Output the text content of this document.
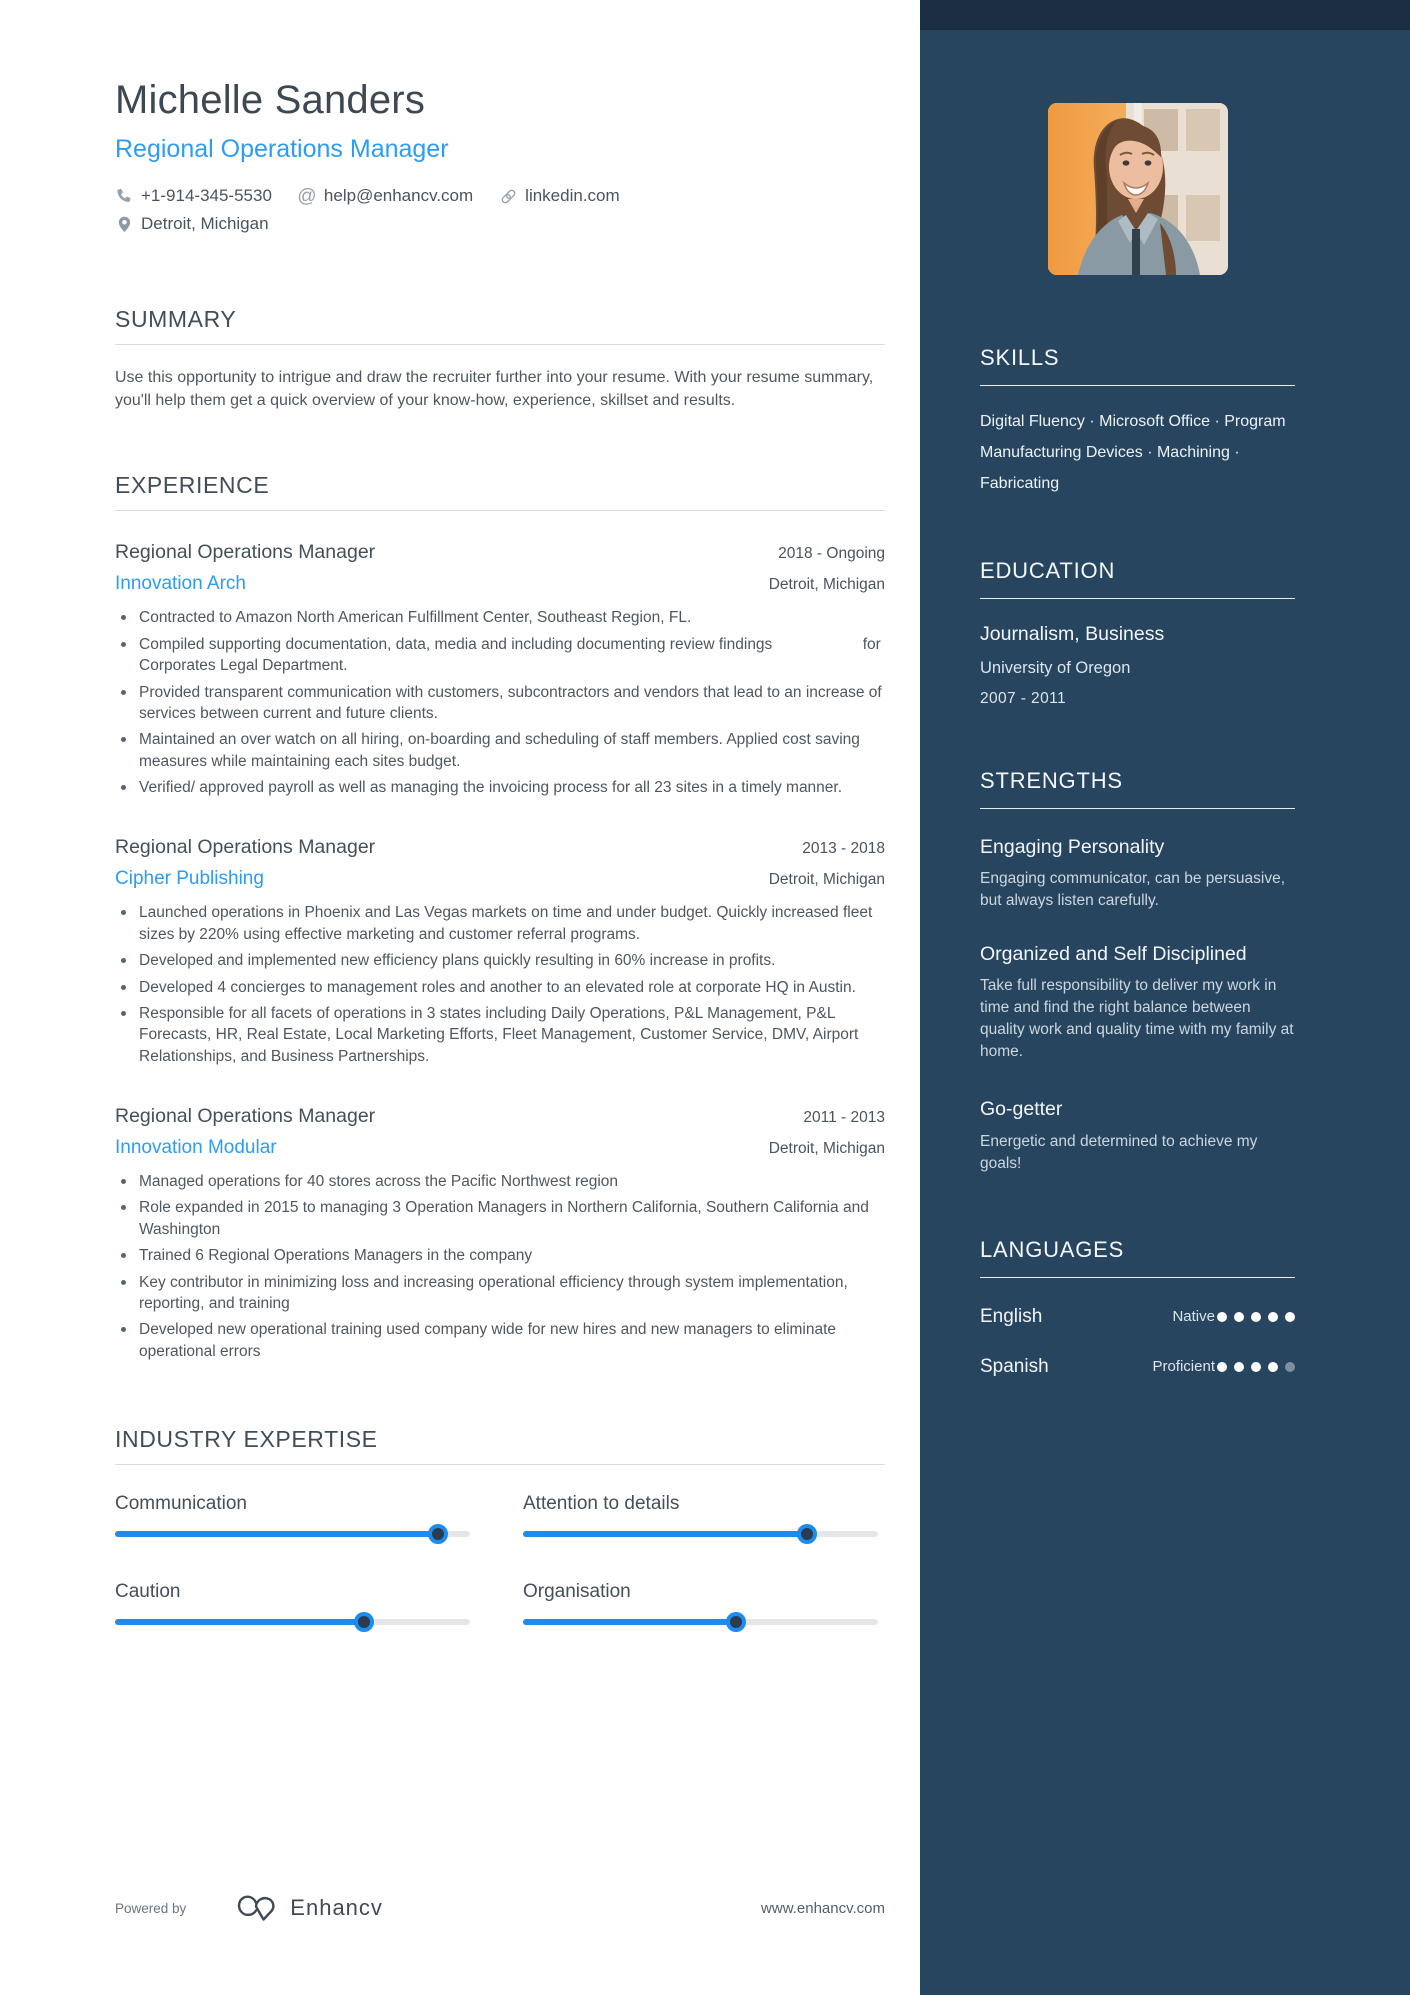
Michelle Sanders
Regional Operations Manager
+1-914-345-5530 @ help@enhancv.com	linkedin.com
Detroit, Michigan
SUMMARY
Use this opportunity to intrigue and draw the recruiter further into your resume. With your resume summary, you'll help them get a quick overview of your know-how, experience, skillset and results.
EXPERIENCE
Regional Operations Manager	2018 - Ongoing
Innovation Arch	Detroit, Michigan
Contracted to Amazon North American Fulfillment Center, Southeast Region, FL.
Compiled supporting documentation, data, media and including documenting review findings                     for Corporates Legal Department.
Provided transparent communication with customers, subcontractors and vendors that lead to an increase of services between current and future clients.
Maintained an over watch on all hiring, on-boarding and scheduling of staff members. Applied cost saving measures while maintaining each sites budget.
Verified/ approved payroll as well as managing the invoicing process for all 23 sites in a timely manner.
Regional Operations Manager	2013 - 2018
Cipher Publishing	Detroit, Michigan
Launched operations in Phoenix and Las Vegas markets on time and under budget. Quickly increased fleet sizes by 220% using effective marketing and customer referral programs.
Developed and implemented new efficiency plans quickly resulting in 60% increase in profits.
Developed 4 concierges to management roles and another to an elevated role at corporate HQ in Austin.
Responsible for all facets of operations in 3 states including Daily Operations, P&L Management, P&L Forecasts, HR, Real Estate, Local Marketing Efforts, Fleet Management, Customer Service, DMV, Airport Relationships, and Business Partnerships.
Regional Operations Manager	2011 - 2013
Innovation Modular	Detroit, Michigan
Managed operations for 40 stores across the Pacific Northwest region
Role expanded in 2015 to managing 3 Operation Managers in Northern California, Southern California and Washington
Trained 6 Regional Operations Managers in the company
Key contributor in minimizing loss and increasing operational efficiency through system implementation, reporting, and training
Developed new operational training used company wide for new hires and new managers to eliminate operational errors
INDUSTRY EXPERTISE
Communication	Attention to details
Caution	Organisation
Powered by	Enhancv	www.enhancv.com
SKILLS
Digital Fluency · Microsoft Office · Program Manufacturing Devices · Machining · Fabricating
EDUCATION
Journalism, Business
University of Oregon
2007 - 2011
STRENGTHS
Engaging Personality
Engaging communicator, can be persuasive, but always listen carefully.
Organized and Self Disciplined
Take full responsibility to deliver my work in time and find the right balance between quality work and quality time with my family at home.
Go-getter
Energetic and determined to achieve my goals!
LANGUAGES
English	Native
Spanish	Proficient
